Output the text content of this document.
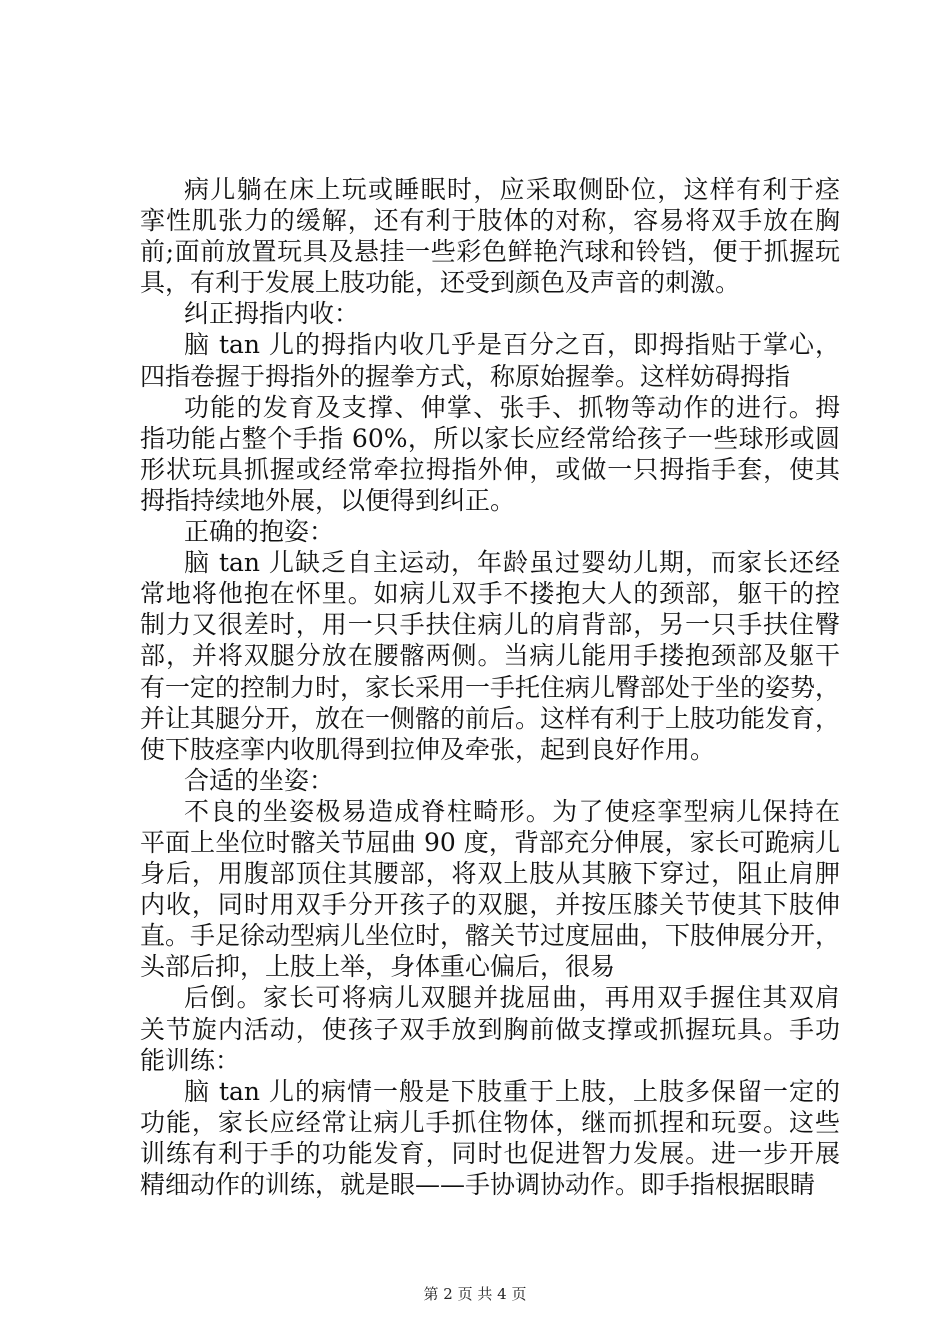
病儿躺在床上玩或睡眠时，应采取侧卧位，这样有利于痉
挛性肌张力的缓解，还有利于肢体的对称，容易将双手放在胸
前;面前放置玩具及悬挂一些彩色鲜艳汽球和铃铛，便于抓握玩
具，有利于发展上肢功能，还受到颜色及声音的刺激。
纠正拇指内收：
脑 tan 儿的拇指内收几乎是百分之百，即拇指贴于掌心，
四指卷握于拇指外的握拳方式，称原始握拳。这样妨碍拇指
功能的发育及支撑、伸掌、张手、抓物等动作的进行。拇
指功能占整个手指 60%，所以家长应经常给孩子一些球形或圆
形状玩具抓握或经常牵拉拇指外伸，或做一只拇指手套，使其
拇指持续地外展，以便得到纠正。
正确的抱姿：
脑 tan 儿缺乏自主运动，年龄虽过婴幼儿期，而家长还经
常地将他抱在怀里。如病儿双手不搂抱大人的颈部，躯干的控
制力又很差时，用一只手扶住病儿的肩背部，另一只手扶住臀
部，并将双腿分放在腰髂两侧。当病儿能用手搂抱颈部及躯干
有一定的控制力时，家长采用一手托住病儿臀部处于坐的姿势，
并让其腿分开，放在一侧髂的前后。这样有利于上肢功能发育，
使下肢痉挛内收肌得到拉伸及牵张，起到良好作用。
合适的坐姿：
不良的坐姿极易造成脊柱畸形。为了使痉挛型病儿保持在
平面上坐位时髂关节屈曲 90 度，背部充分伸展，家长可跪病儿
身后，用腹部顶住其腰部，将双上肢从其腋下穿过，阻止肩胛
内收，同时用双手分开孩子的双腿，并按压膝关节使其下肢伸
直。手足徐动型病儿坐位时，髂关节过度屈曲，下肢伸展分开，
头部后抑，上肢上举，身体重心偏后，很易
后倒。家长可将病儿双腿并拢屈曲，再用双手握住其双肩
关节旋内活动，使孩子双手放到胸前做支撑或抓握玩具。手功
能训练：
脑 tan 儿的病情一般是下肢重于上肢，上肢多保留一定的
功能，家长应经常让病儿手抓住物体，继而抓捏和玩耍。这些
训练有利于手的功能发育，同时也促进智力发展。进一步开展
精细动作的训练，就是眼——手协调协动作。即手指根据眼睛
第 2 页 共 4 页
